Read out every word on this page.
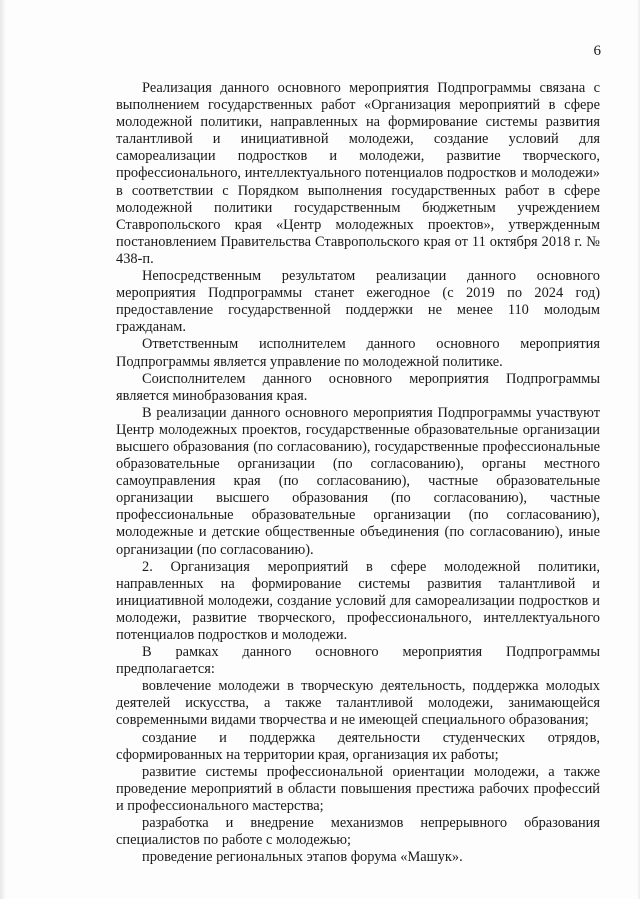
6

Реализация данного основного мероприятия Подпрограммы связана с выполнением государственных работ «Организация мероприятий в сфере молодежной политики, направленных на формирование системы развития талантливой и инициативной молодежи, создание условий для самореализации подростков и молодежи, развитие творческого, профессионального, интеллектуального потенциалов подростков и молодежи» в соответствии с Порядком выполнения государственных работ в сфере молодежной политики государственным бюджетным учреждением Ставропольского края «Центр молодежных проектов», утвержденным постановлением Правительства Ставропольского края от 11 октября 2018 г. № 438-п.

Непосредственным результатом реализации данного основного мероприятия Подпрограммы станет ежегодное (с 2019 по 2024 год) предоставление государственной поддержки не менее 110 молодым гражданам.

Ответственным исполнителем данного основного мероприятия Подпрограммы является управление по молодежной политике.

Соисполнителем данного основного мероприятия Подпрограммы является минобразования края.

В реализации данного основного мероприятия Подпрограммы участвуют Центр молодежных проектов, государственные образовательные организации высшего образования (по согласованию), государственные профессиональные образовательные организации (по согласованию), органы местного самоуправления края (по согласованию), частные образовательные организации высшего образования (по согласованию), частные профессиональные образовательные организации (по согласованию), молодежные и детские общественные объединения (по согласованию), иные организации (по согласованию).

2. Организация мероприятий в сфере молодежной политики, направленных на формирование системы развития талантливой и инициативной молодежи, создание условий для самореализации подростков и молодежи, развитие творческого, профессионального, интеллектуального потенциалов подростков и молодежи.

В рамках данного основного мероприятия Подпрограммы предполагается:

вовлечение молодежи в творческую деятельность, поддержка молодых деятелей искусства, а также талантливой молодежи, занимающейся современными видами творчества и не имеющей специального образования;

создание и поддержка деятельности студенческих отрядов, сформированных на территории края, организация их работы;

развитие системы профессиональной ориентации молодежи, а также проведение мероприятий в области повышения престижа рабочих профессий и профессионального мастерства;

разработка и внедрение механизмов непрерывного образования специалистов по работе с молодежью;

проведение региональных этапов форума «Машук».
